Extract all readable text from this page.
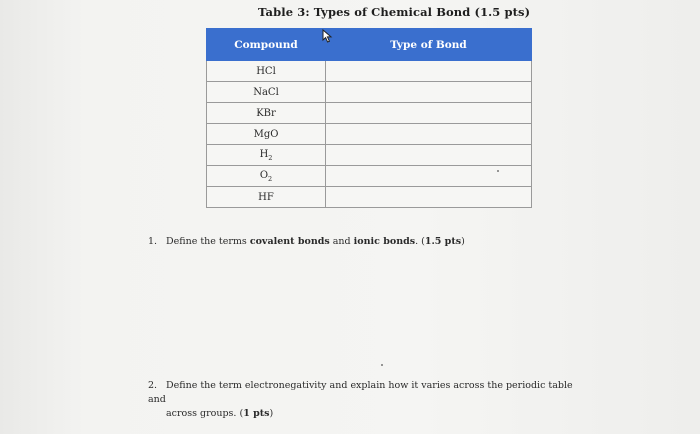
Table 3: Types of Chemical Bond (1.5 pts)
Compound	Type of Bond
HCl	
NaCl	
KBr	
MgO	
$H_2$	
$O_2$	
HF	
1. Define the terms covalent bonds and ionic bonds. (1.5 pts)
2. Define the term electronegativity and explain how it varies across the periodic table and
across groups. (1 pts)
